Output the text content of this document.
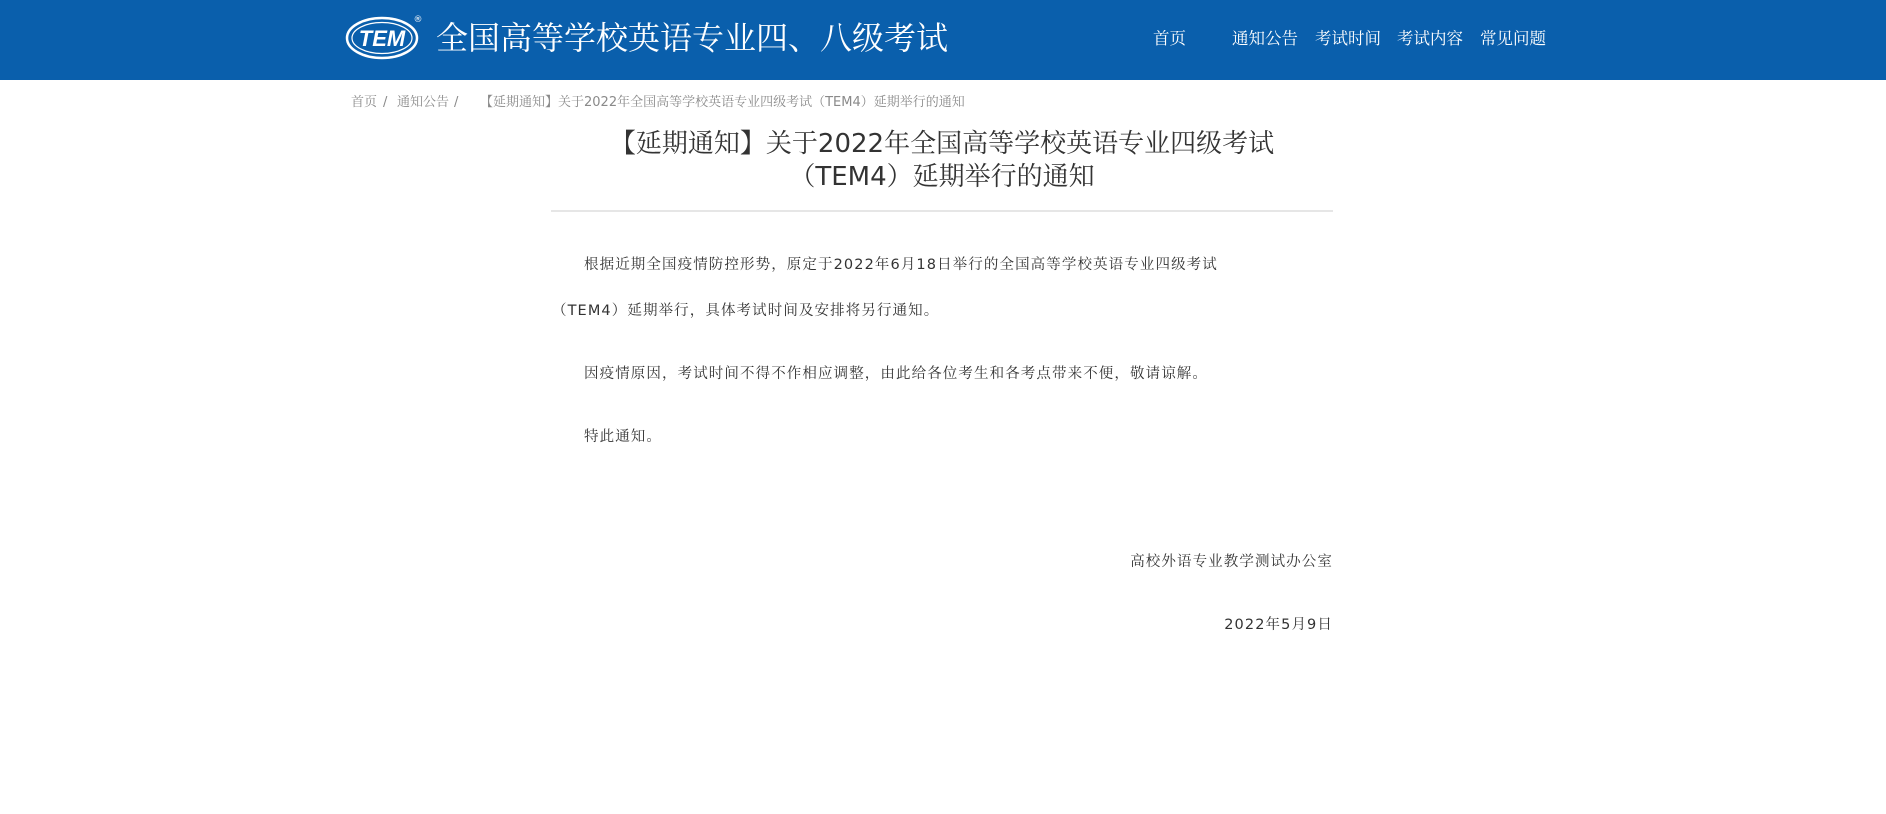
TEM
® 全国高等学校英语专业四、八级考试	首页	通知公告 考试时间 考试内容 常见问题
首页 / 通知公告 / 【延期通知】关于2022年全国高等学校英语专业四级考试（TEM4）延期举行的通知
【延期通知】关于2022年全国高等学校英语专业四级考试
（TEM4）延期举行的通知
根据近期全国疫情防控形势，原定于2022年6月18日举行的全国高等学校英语专业四级考试
（TEM4）延期举行，具体考试时间及安排将另行通知。
因疫情原因，考试时间不得不作相应调整，由此给各位考生和各考点带来不便，敬请谅解。
特此通知。
高校外语专业教学测试办公室
2022年5月9日
